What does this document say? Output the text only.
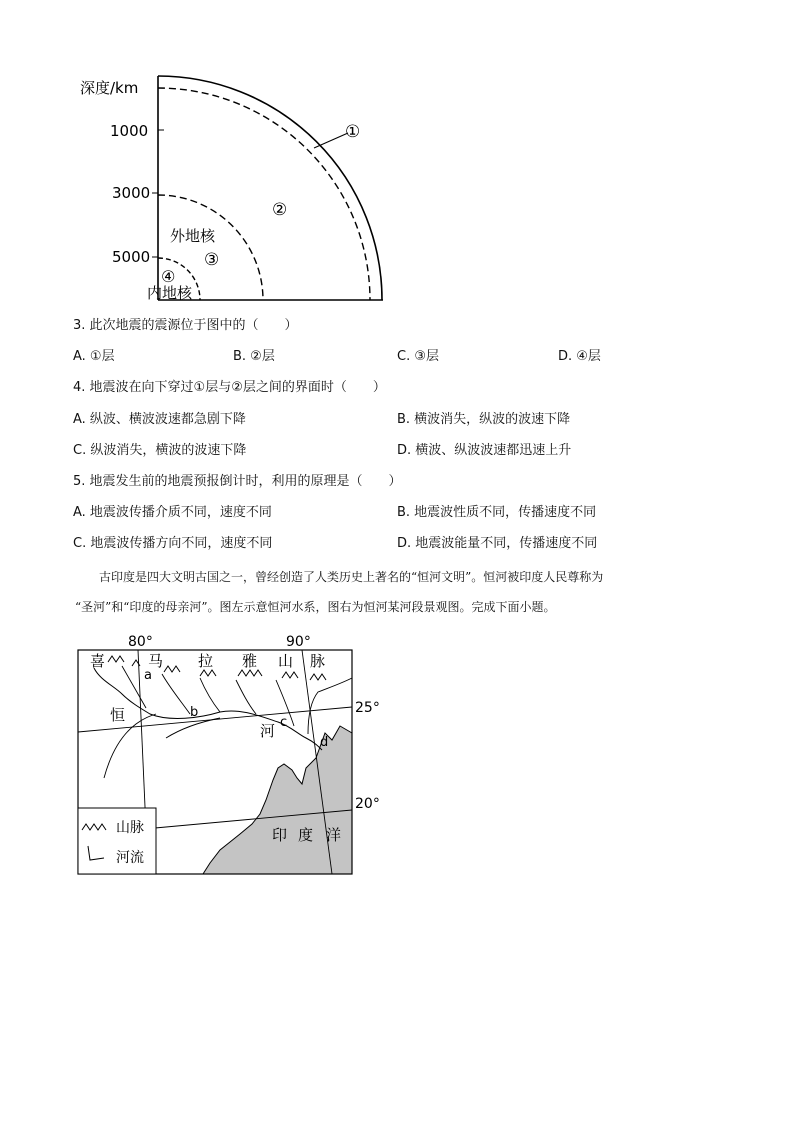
深度/km
1000
3000
5000
①
②
外地核
③
④
内地核
3. 此次地震的震源位于图中的（　　）
A. ①层	B. ②层	C. ③层	D. ④层
4. 地震波在向下穿过①层与②层之间的界面时（　　）
A. 纵波、横波波速都急剧下降	B. 横波消失，纵波的波速下降
C. 纵波消失，横波的波速下降	D. 横波、纵波波速都迅速上升
5. 地震发生前的地震预报倒计时，利用的原理是（　　）
A. 地震波传播介质不同，速度不同	B. 地震波性质不同，传播速度不同
C. 地震波传播方向不同，速度不同	D. 地震波能量不同，传播速度不同
古印度是四大文明古国之一，曾经创造了人类历史上著名的“恒河文明”。恒河被印度人民尊称为
“圣河”和“印度的母亲河”。图左示意恒河水系，图右为恒河某河段景观图。完成下面小题。
80°	90°
25°
20°
喜	马 拉 雅 山 脉
恒
河
a
b
c
d
印 度 洋
山脉
河流
